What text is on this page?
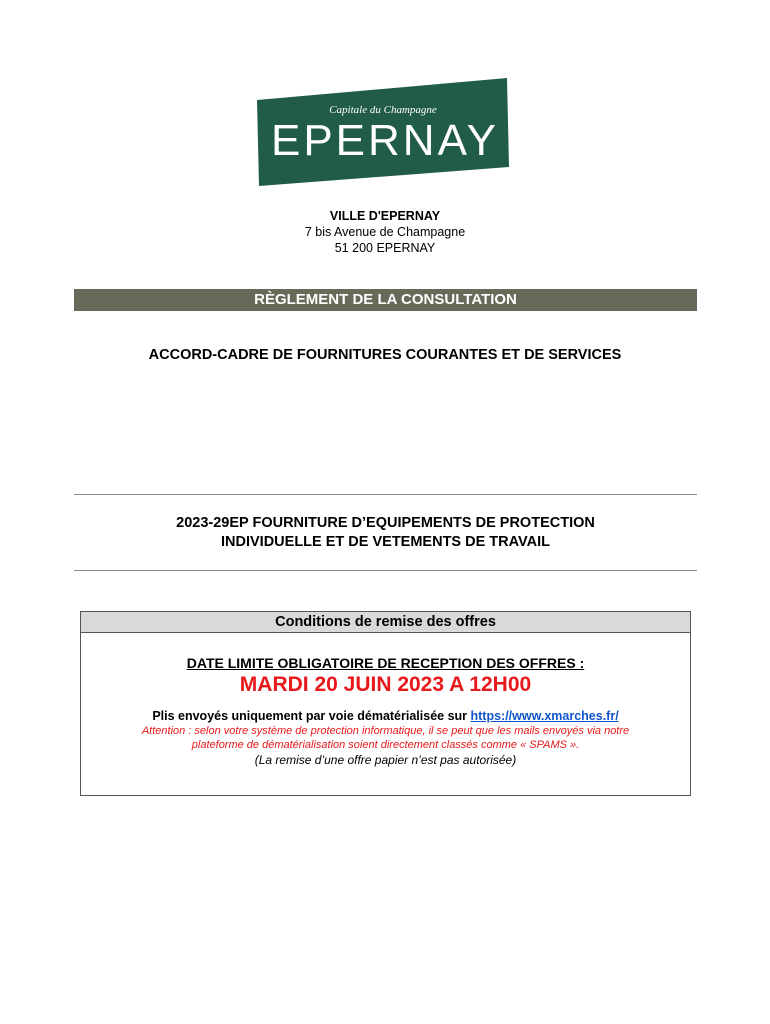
Capitale du Champagne
EPERNAY
VILLE D'EPERNAY
7 bis Avenue de Champagne
51 200 EPERNAY
RÈGLEMENT DE LA CONSULTATION
ACCORD-CADRE DE FOURNITURES COURANTES ET DE SERVICES
2023-29EP FOURNITURE D’EQUIPEMENTS DE PROTECTION
INDIVIDUELLE ET DE VETEMENTS DE TRAVAIL
Conditions de remise des offres
DATE LIMITE OBLIGATOIRE DE RECEPTION DES OFFRES :
MARDI 20 JUIN 2023 A 12H00
Plis envoyés uniquement par voie dématérialisée sur https://www.xmarches.fr/
Attention : selon votre système de protection informatique, il se peut que les mails envoyés via notre
plateforme de dématérialisation soient directement classés comme « SPAMS ».
(La remise d’une offre papier n’est pas autorisée)
